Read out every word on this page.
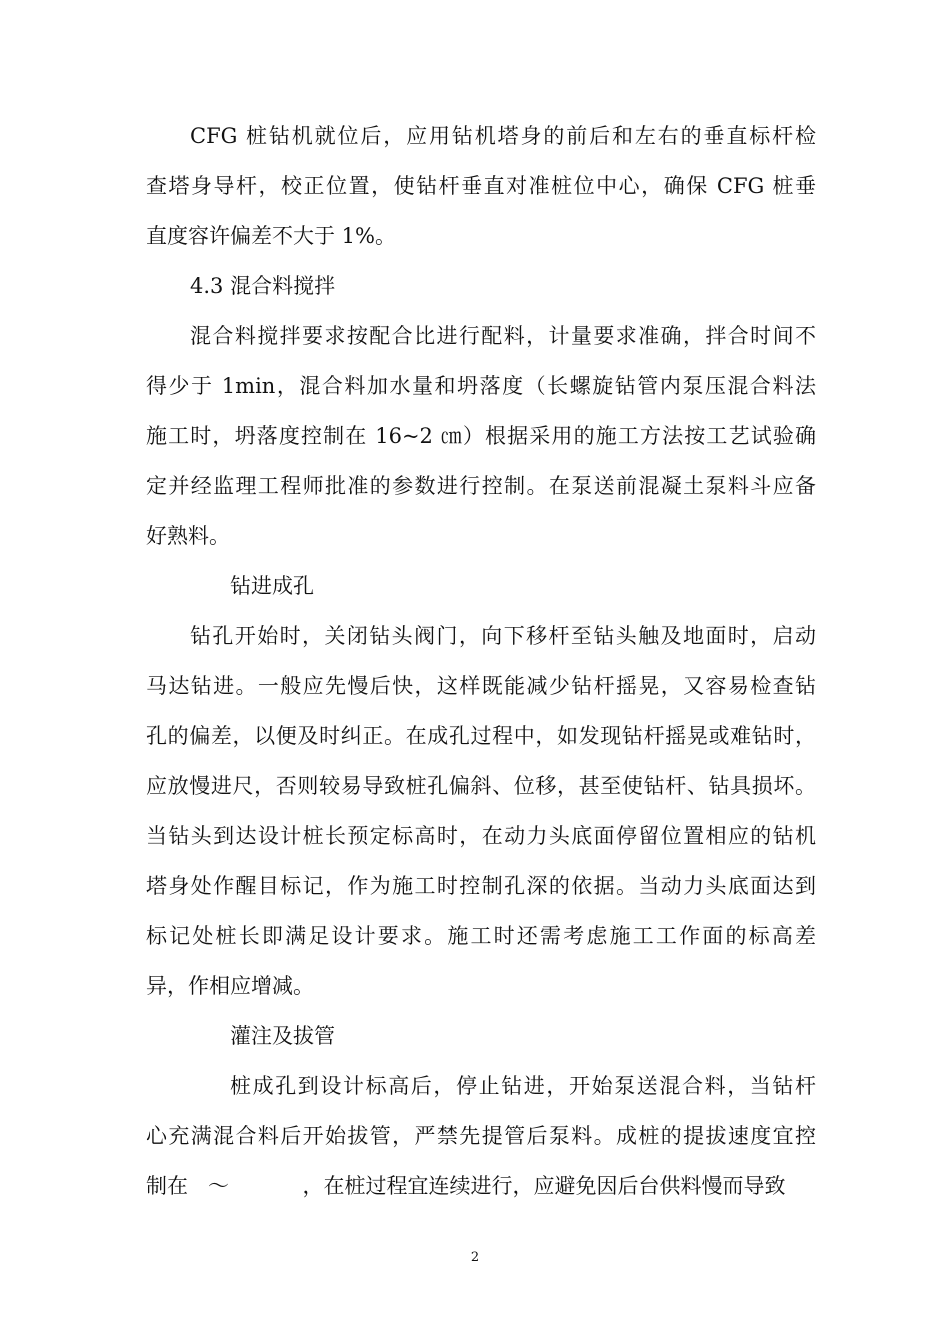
CFG 桩钻机就位后，应用钻机塔身的前后和左右的垂直标杆检
查塔身导杆，校正位置，使钻杆垂直对准桩位中心，确保 CFG 桩垂
直度容许偏差不大于 1%。
4.3 混合料搅拌
混合料搅拌要求按配合比进行配料，计量要求准确，拌合时间不
得少于 1min，混合料加水量和坍落度（长螺旋钻管内泵压混合料法
施工时，坍落度控制在 16~2 ㎝）根据采用的施工方法按工艺试验确
定并经监理工程师批准的参数进行控制。在泵送前混凝土泵料斗应备
好熟料。
钻进成孔
钻孔开始时，关闭钻头阀门，向下移杆至钻头触及地面时，启动
马达钻进。一般应先慢后快，这样既能减少钻杆摇晃，又容易检查钻
孔的偏差，以便及时纠正。在成孔过程中，如发现钻杆摇晃或难钻时，
应放慢进尺，否则较易导致桩孔偏斜、位移，甚至使钻杆、钻具损坏。
当钻头到达设计桩长预定标高时，在动力头底面停留位置相应的钻机
塔身处作醒目标记，作为施工时控制孔深的依据。当动力头底面达到
标记处桩长即满足设计要求。施工时还需考虑施工工作面的标高差
异，作相应增减。
灌注及拔管
桩成孔到设计标高后，停止钻进，开始泵送混合料，当钻杆
心充满混合料后开始拔管，严禁先提管后泵料。成桩的提拔速度宜控
制在   ～           ，在桩过程宜连续进行，应避免因后台供料慢而导致
2
